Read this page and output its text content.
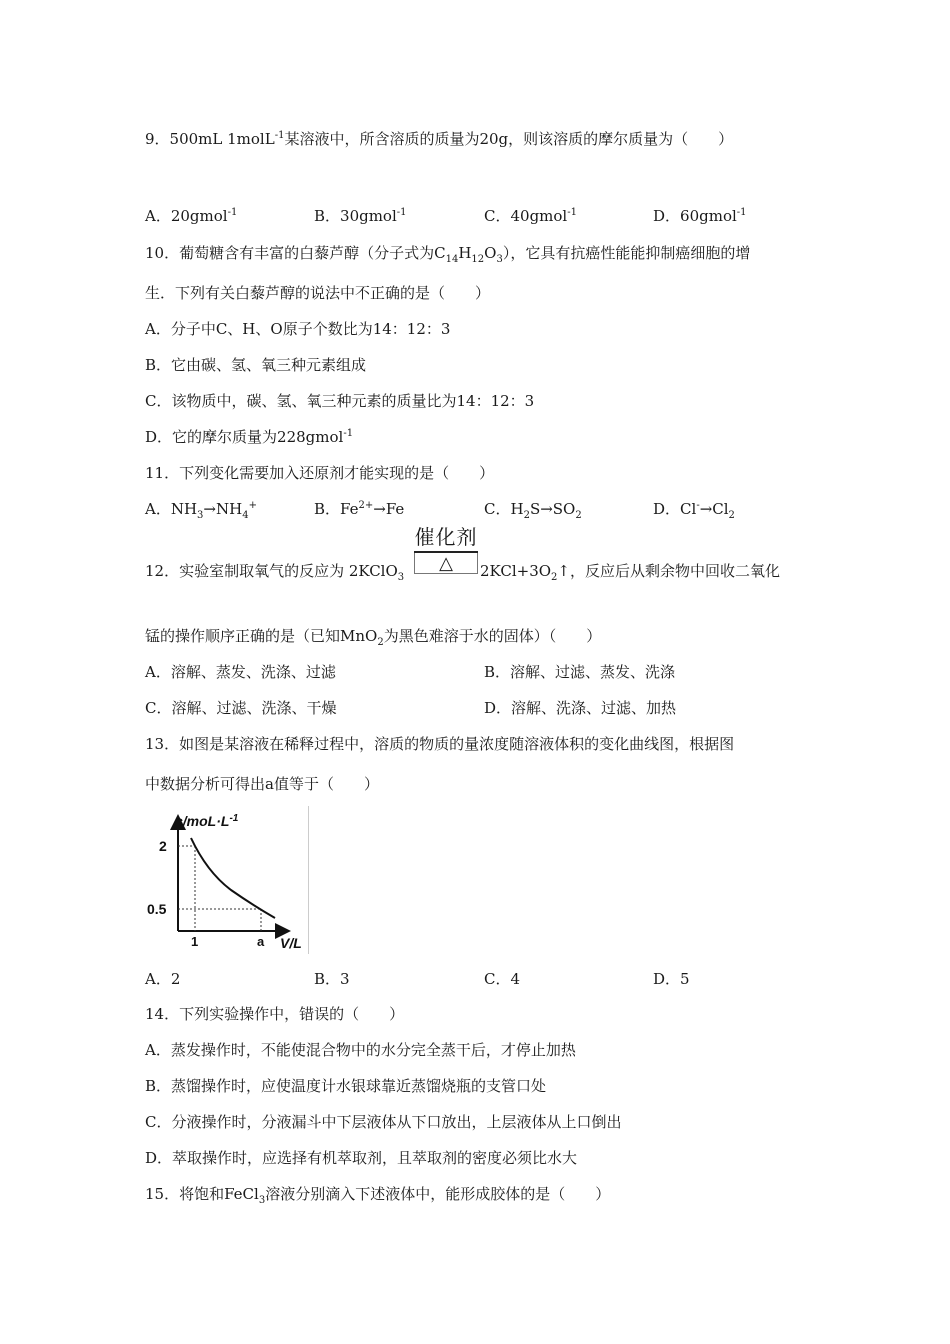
9．500mL 1molL$^{-1}$某溶液中，所含溶质的质量为20g，则该溶质的摩尔质量为（　　）
A．20gmol$^{-1}$	B．30gmol$^{-1}$	C．40gmol$^{-1}$	D．60gmol$^{-1}$
10．葡萄糖含有丰富的白藜芦醇（分子式为$C_{14}H_{12}O_3$），它具有抗癌性能能抑制癌细胞的增
生．下列有关白藜芦醇的说法中不正确的是（　　）
A．分子中C、H、O原子个数比为14：12：3
B．它由碳、氢、氧三种元素组成
C．该物质中，碳、氢、氧三种元素的质量比为14：12：3
D．它的摩尔质量为228gmol$^{-1}$
11．下列变化需要加入还原剂才能实现的是（　　）
A．$NH_3\to NH_4^+$	B．$Fe^{2+}\to Fe$	C．$H_2S\to SO_2$	D．$Cl^-\to Cl_2$
催化剂
△
12．实验室制取氧气的反应为 2KClO$_3$	$2KCl+3O_2↑$，反应后从剩余物中回收二氧化
锰的操作顺序正确的是（已知MnO$_2$为黑色难溶于水的固体）（　　）
A．溶解、蒸发、洗涤、过滤	B．溶解、过滤、蒸发、洗涤
C．溶解、过滤、洗涤、干燥	D．溶解、洗涤、过滤、加热
13．如图是某溶液在稀释过程中，溶质的物质的量浓度随溶液体积的变化曲线图，根据图
中数据分析可得出a值等于（　　）
$c/moL\cdot L^{-1}$
2
0.5
1	a V/L
A．2	B．3	C．4	D．5
14．下列实验操作中，错误的（　　）
A．蒸发操作时，不能使混合物中的水分完全蒸干后，才停止加热
B．蒸馏操作时，应使温度计水银球靠近蒸馏烧瓶的支管口处
C．分液操作时，分液漏斗中下层液体从下口放出，上层液体从上口倒出
D．萃取操作时，应选择有机萃取剂，且萃取剂的密度必须比水大
15．将饱和FeCl$_3$溶液分别滴入下述液体中，能形成胶体的是（　　）
